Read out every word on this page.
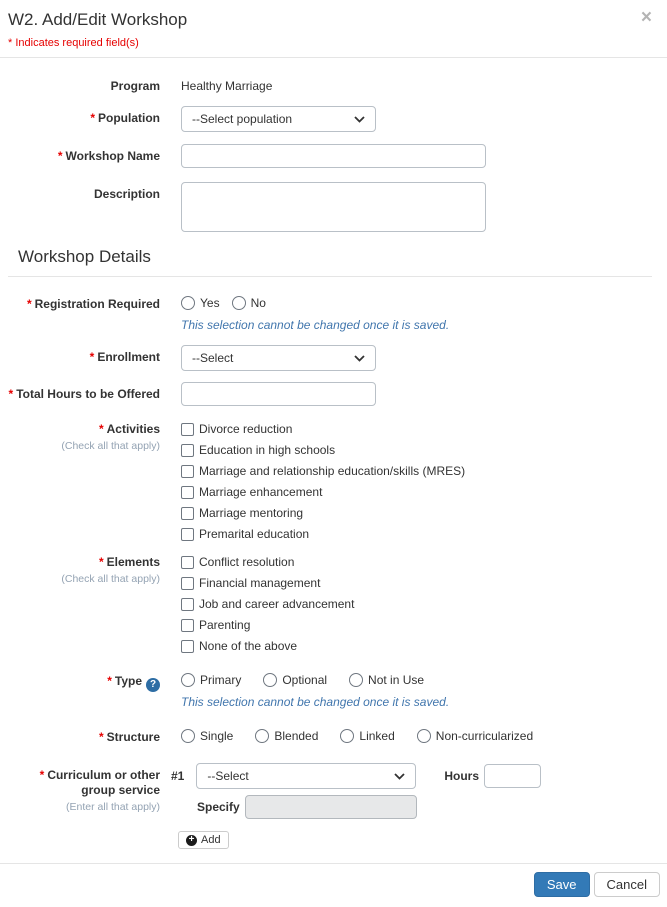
W2. Add/Edit Workshop	×
* Indicates required field(s)
Program Healthy Marriage
* Population	--Select population
* Workshop Name
Description
Workshop Details
* Registration Required	Yes	No
This selection cannot be changed once it is saved.
* Enrollment	--Select
* Total Hours to be Offered
* Activities
(Check all that apply)
Divorce reduction
Education in high schools
Marriage and relationship education/skills (MRES)
Marriage enhancement
Marriage mentoring
Premarital education
* Elements
(Check all that apply)
Conflict resolution
Financial management
Job and career advancement
Parenting
None of the above
* Type ?	Primary	Optional	Not in Use
This selection cannot be changed once it is saved.
* Structure	Single	Blended	Linked	Non-curricularized
* Curriculum or other group service
(Enter all that apply)
#1 --Select	Hours
Specify
+ Add
Save	Cancel
